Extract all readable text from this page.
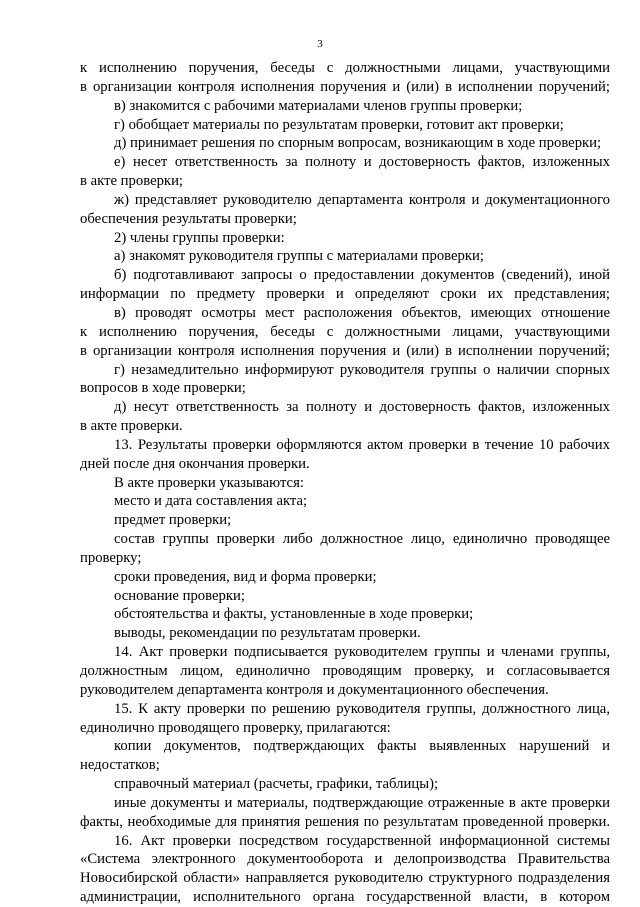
3

к исполнению поручения, беседы с должностными лицами, участвующими

в организации контроля исполнения поручения и (или) в исполнении поручений;

в) знакомится с рабочими материалами членов группы проверки;

г) обобщает материалы по результатам проверки, готовит акт проверки;

д) принимает решения по спорным вопросам, возникающим в ходе проверки;

е) несет ответственность за полноту и достоверность фактов, изложенных

в акте проверки;

ж) представляет руководителю департамента контроля и документационного

обеспечения результаты проверки;

2) члены группы проверки:

а) знакомят руководителя группы с материалами проверки;

б) подготавливают запросы о предоставлении документов (сведений), иной

информации по предмету проверки и определяют сроки их представления;

в) проводят осмотры мест расположения объектов, имеющих отношение

к исполнению поручения, беседы с должностными лицами, участвующими

в организации контроля исполнения поручения и (или) в исполнении поручений;

г) незамедлительно информируют руководителя группы о наличии спорных

вопросов в ходе проверки;

д) несут ответственность за полноту и достоверность фактов, изложенных

в акте проверки.

13. Результаты проверки оформляются актом проверки в течение 10 рабочих

дней после дня окончания проверки.

В акте проверки указываются:

место и дата составления акта;

предмет проверки;

состав группы проверки либо должностное лицо, единолично проводящее

проверку;

сроки проведения, вид и форма проверки;

основание проверки;

обстоятельства и факты, установленные в ходе проверки;

выводы, рекомендации по результатам проверки.

14. Акт проверки подписывается руководителем группы и членами группы,

должностным лицом, единолично проводящим проверку, и согласовывается

руководителем департамента контроля и документационного обеспечения.

15. К акту проверки по решению руководителя группы, должностного лица,

единолично проводящего проверку, прилагаются:

копии документов, подтверждающих факты выявленных нарушений и

недостатков;

справочный материал (расчеты, графики, таблицы);

иные документы и материалы, подтверждающие отраженные в акте проверки

факты, необходимые для принятия решения по результатам проведенной проверки.

16. Акт проверки посредством государственной информационной системы

«Система электронного документооборота и делопроизводства Правительства

Новосибирской области» направляется руководителю структурного подразделения

администрации, исполнительного органа государственной власти, в котором
